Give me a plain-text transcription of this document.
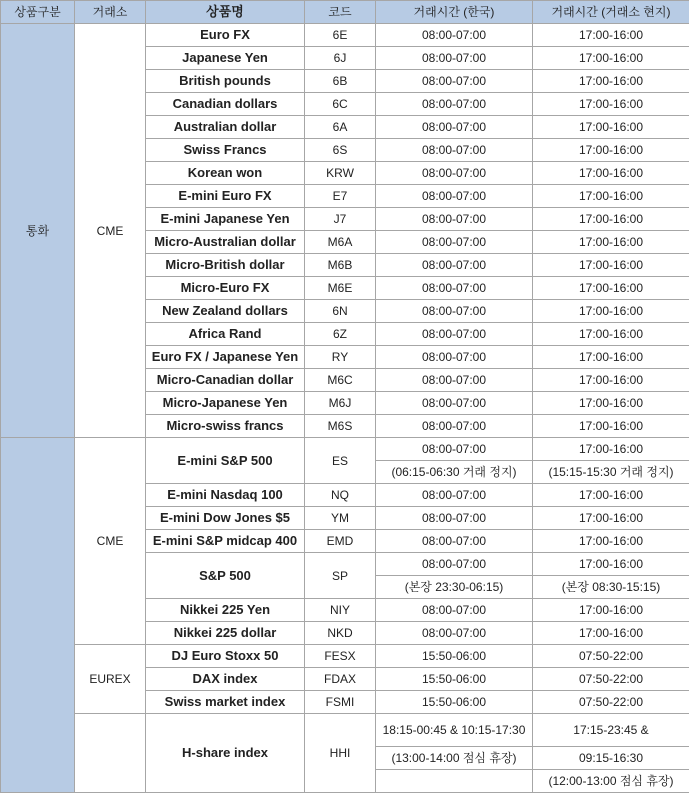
상품구분	거래소	상품명	코드	거래시간 (한국)	거래시간 (거래소 현지)
통화	CME	Euro FX	6E	08:00-07:00	17:00-16:00
		Japanese Yen	6J	08:00-07:00	17:00-16:00
		British pounds	6B	08:00-07:00	17:00-16:00
		Canadian dollars	6C	08:00-07:00	17:00-16:00
		Australian dollar	6A	08:00-07:00	17:00-16:00
		Swiss Francs	6S	08:00-07:00	17:00-16:00
		Korean won	KRW	08:00-07:00	17:00-16:00
		E-mini Euro FX	E7	08:00-07:00	17:00-16:00
		E-mini Japanese Yen	J7	08:00-07:00	17:00-16:00
		Micro-Australian dollar	M6A	08:00-07:00	17:00-16:00
		Micro-British dollar	M6B	08:00-07:00	17:00-16:00
		Micro-Euro FX	M6E	08:00-07:00	17:00-16:00
		New Zealand dollars	6N	08:00-07:00	17:00-16:00
		Africa Rand	6Z	08:00-07:00	17:00-16:00
		Euro FX / Japanese Yen	RY	08:00-07:00	17:00-16:00
		Micro-Canadian dollar	M6C	08:00-07:00	17:00-16:00
		Micro-Japanese Yen	M6J	08:00-07:00	17:00-16:00
		Micro-swiss francs	M6S	08:00-07:00	17:00-16:00
	CME	E-mini S&P 500	ES	08:00-07:00	17:00-16:00
				(06:15-06:30 거래 정지)	(15:15-15:30 거래 정지)
		E-mini Nasdaq 100	NQ	08:00-07:00	17:00-16:00
		E-mini Dow Jones $5	YM	08:00-07:00	17:00-16:00
		E-mini S&P midcap 400	EMD	08:00-07:00	17:00-16:00
		S&P 500	SP	08:00-07:00	17:00-16:00
				(본장 23:30-06:15)	(본장 08:30-15:15)
		Nikkei 225 Yen	NIY	08:00-07:00	17:00-16:00
		Nikkei 225 dollar	NKD	08:00-07:00	17:00-16:00
	EUREX	DJ Euro Stoxx 50	FESX	15:50-06:00	07:50-22:00
		DAX index	FDAX	15:50-06:00	07:50-22:00
		Swiss market index	FSMI	15:50-06:00	07:50-22:00
		H-share index	HHI	18:15-00:45 & 10:15-17:30	17:15-23:45 &
				(13:00-14:00 점심 휴장)	09:15-16:30
					(12:00-13:00 점심 휴장)
